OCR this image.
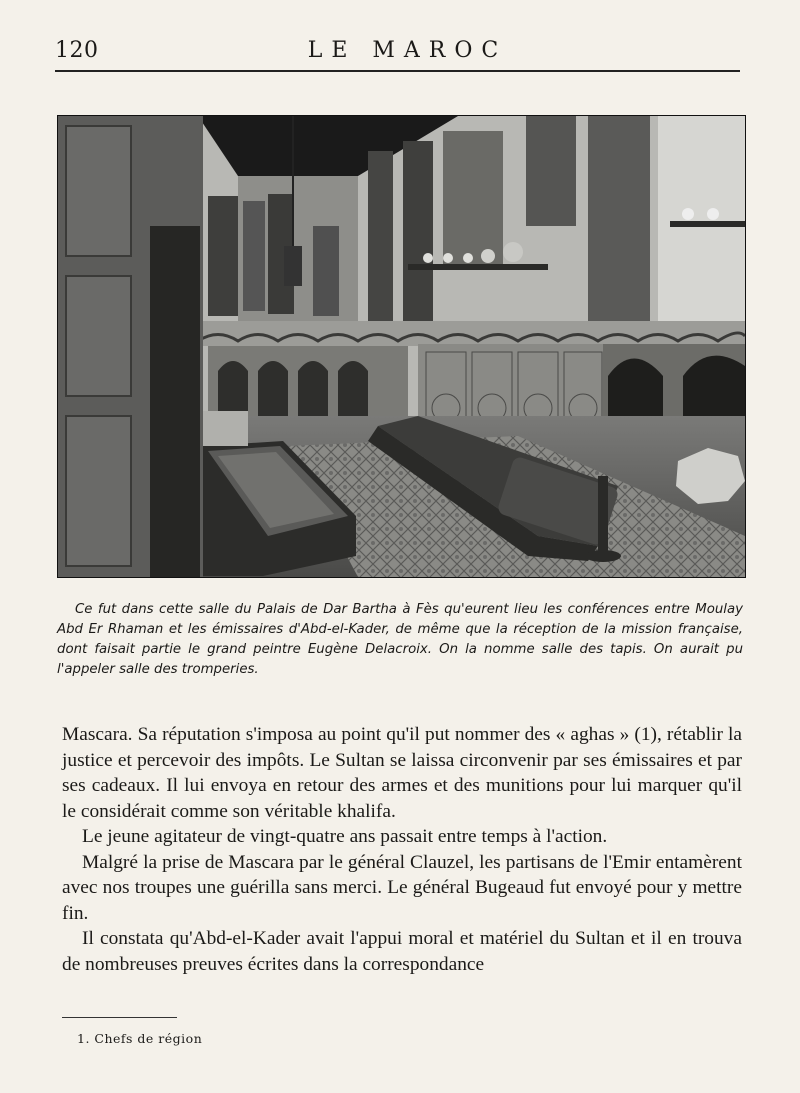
120	LE MAROC

Ce fut dans cette salle du Palais de Dar Bartha à Fès qu'eurent lieu les conférences entre Moulay Abd Er Rhaman et les émissaires d'Abd-el-Kader, de même que la réception de la mission française, dont faisait partie le grand peintre Eugène Delacroix. On la nomme salle des tapis. On aurait pu l'appeler salle des tromperies.

Mascara. Sa réputation s'imposa au point qu'il put nommer des « aghas » (1), rétablir la justice et percevoir des impôts. Le Sultan se laissa circonvenir par ses émissaires et par ses cadeaux. Il lui envoya en retour des armes et des munitions pour lui marquer qu'il le considérait comme son véritable khalifa.

Le jeune agitateur de vingt-quatre ans passait entre temps à l'action.

Malgré la prise de Mascara par le général Clauzel, les partisans de l'Emir entamèrent avec nos troupes une guérilla sans merci. Le général Bugeaud fut envoyé pour y mettre fin.

Il constata qu'Abd-el-Kader avait l'appui moral et matériel du Sultan et il en trouva de nombreuses preuves écrites dans la correspondance

1. Chefs de région
